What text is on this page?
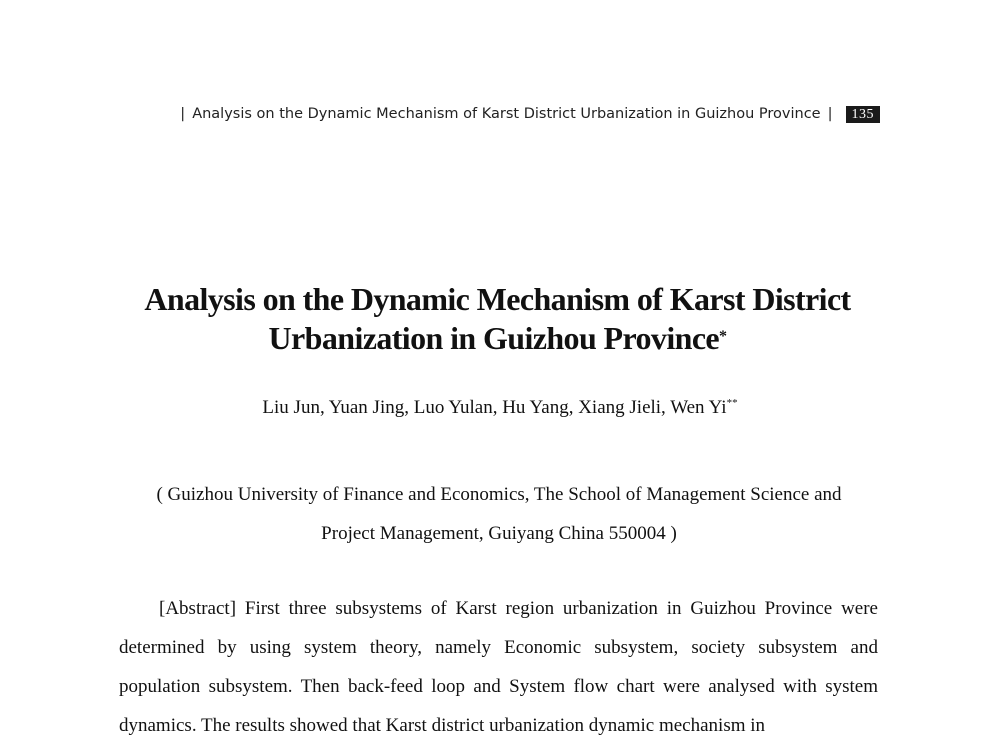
| Analysis on the Dynamic Mechanism of Karst District Urbanization in Guizhou Province |	135
Analysis on the Dynamic Mechanism of Karst District
Urbanization in Guizhou Province*
Liu Jun, Yuan Jing, Luo Yulan, Hu Yang, Xiang Jieli, Wen Yi**
( Guizhou University of Finance and Economics, The School of Management Science and
Project Management, Guiyang China 550004 )
[Abstract] First three subsystems of Karst region urbanization in Guizhou Province were determined by using system theory, namely Economic subsystem, society subsystem and population subsystem. Then back-feed loop and System flow chart were analysed with system dynamics. The results showed that Karst district urbanization dynamic mechanism in
